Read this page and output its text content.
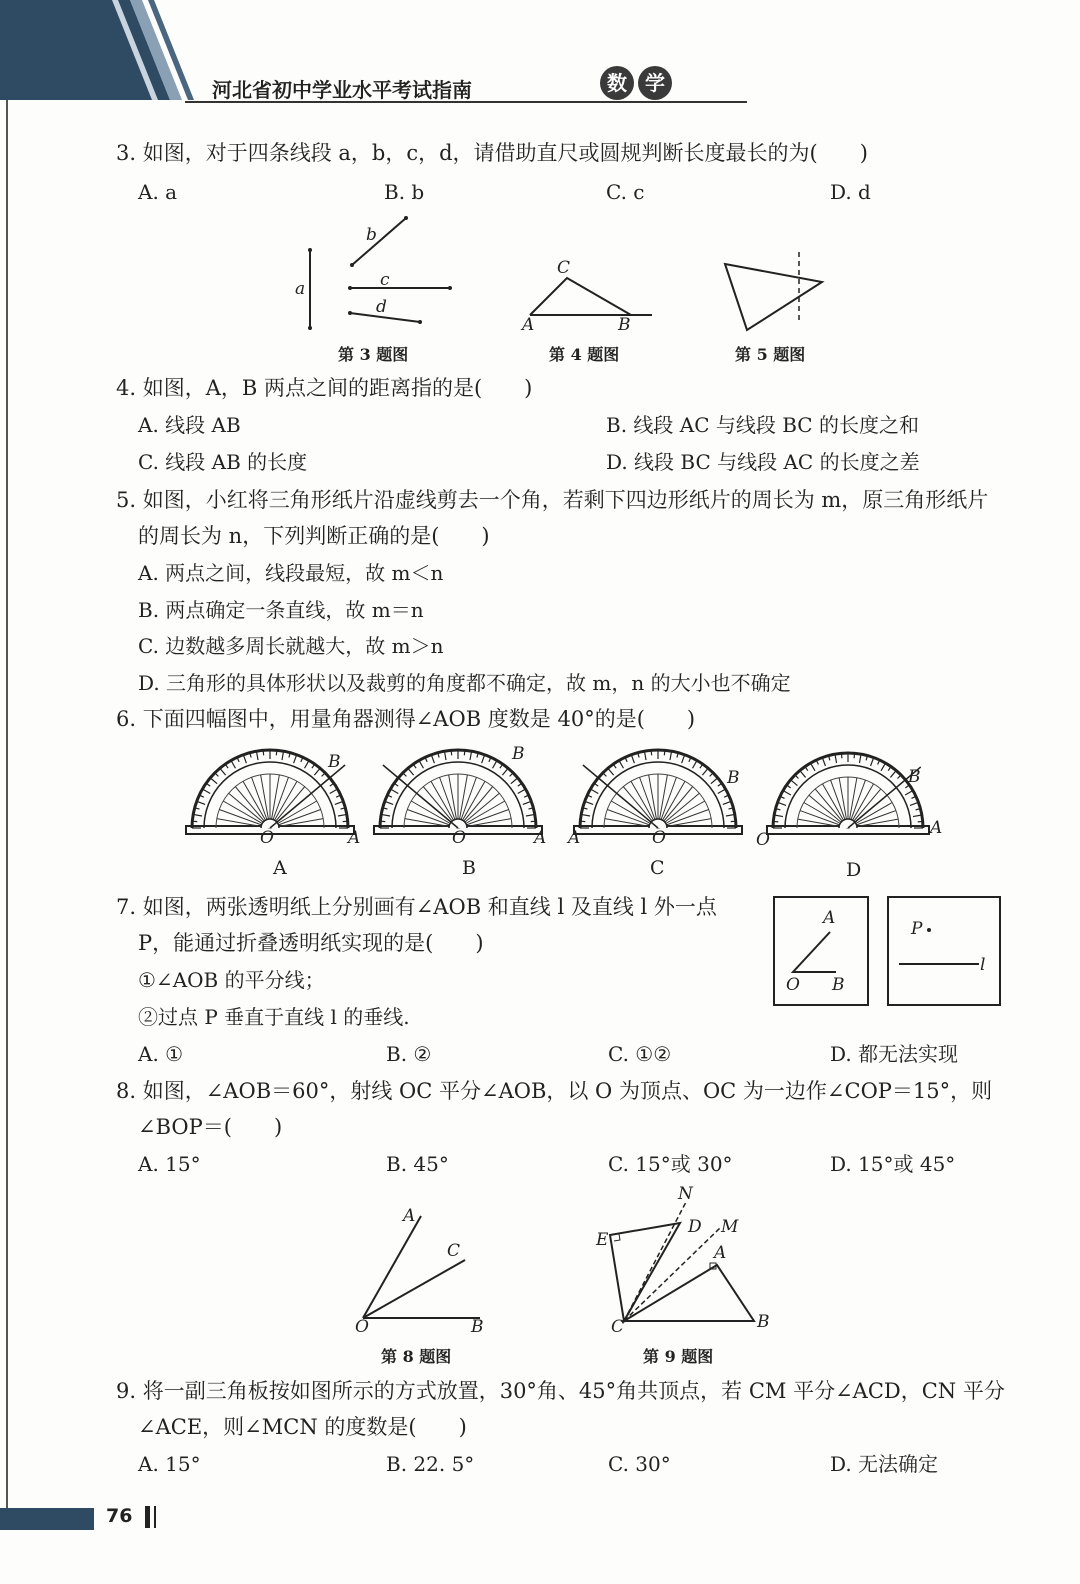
河北省初中学业水平考试指南	数 学
3. 如图，对于四条线段 a，b，c，d，请借助直尺或圆规判断长度最长的为(　　)
A. a	B. b	C. c	D. d
a
b
c
d
第 3 题图
C
A	B
第 4 题图	第 5 题图
4. 如图，A，B 两点之间的距离指的是(　　)
A. 线段 AB	B. 线段 AC 与线段 BC 的长度之和
C. 线段 AB 的长度	D. 线段 BC 与线段 AC 的长度之差
5. 如图，小红将三角形纸片沿虚线剪去一个角，若剩下四边形纸片的周长为 m，原三角形纸片
的周长为 n，下列判断正确的是(　　)
A. 两点之间，线段最短，故 m＜n
B. 两点确定一条直线，故 m＝n
C. 边数越多周长就越大，故 m＞n
D. 三角形的具体形状以及裁剪的角度都不确定，故 m，n 的大小也不确定
6. 下面四幅图中，用量角器测得∠AOB 度数是 40°的是(　　)
O	A
B
O	A
B
O
A
B
O
A
B
A	B	C	D
7. 如图，两张透明纸上分别画有∠AOB 和直线 l 及直线 l 外一点
P，能通过折叠透明纸实现的是(　　)
①∠AOB 的平分线；
②过点 P 垂直于直线 l 的垂线.
A. ①	B. ②	C. ①②	D. 都无法实现
A
O B
P
l
8. 如图，∠AOB＝60°，射线 OC 平分∠AOB，以 O 为顶点、OC 为一边作∠COP＝15°，则
∠BOP＝(　　)
A. 15°	B. 45°	C. 15°或 30°	D. 15°或 45°
A
C
O	B
第 8 题图
N
D M
E
A
C	B
第 9 题图
9. 将一副三角板按如图所示的方式放置，30°角、45°角共顶点，若 CM 平分∠ACD，CN 平分
∠ACE，则∠MCN 的度数是(　　)
A. 15°	B. 22. 5°	C. 30°	D. 无法确定
76
